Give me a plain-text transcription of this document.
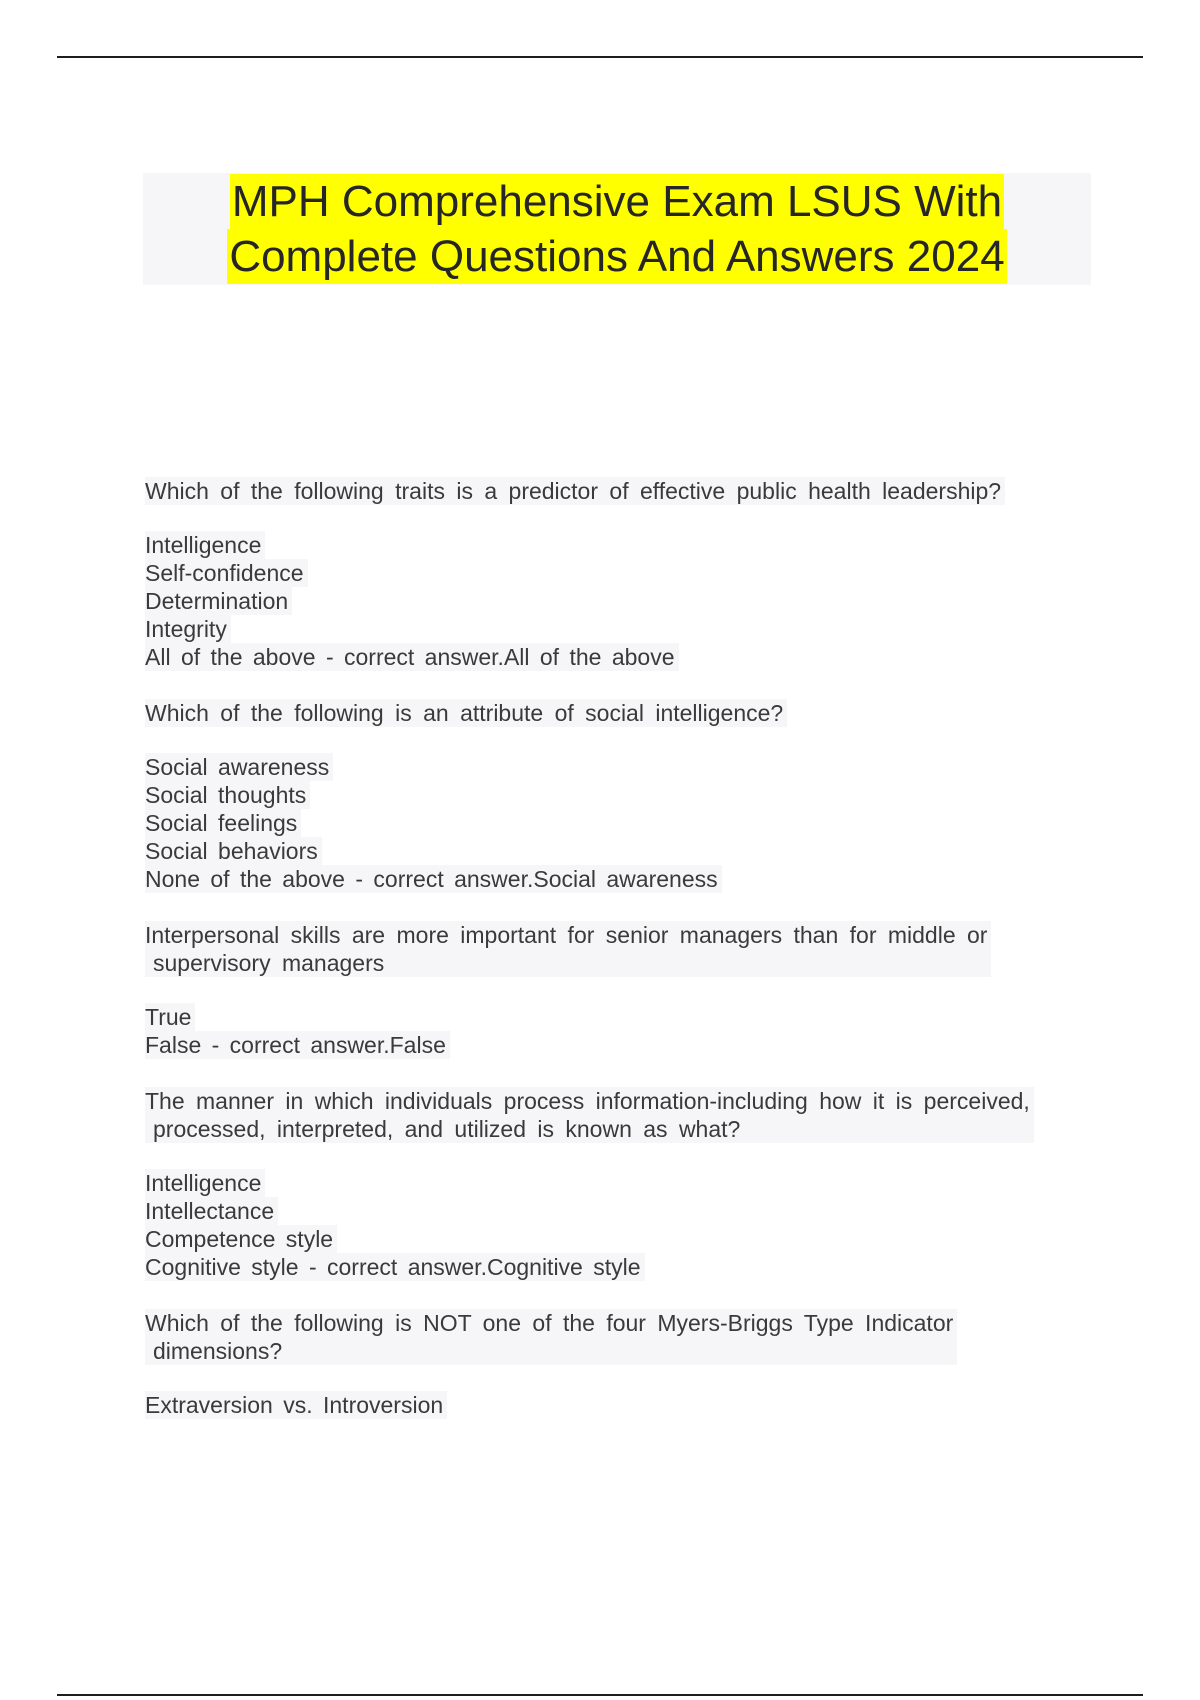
MPH Comprehensive Exam LSUS With
Complete Questions And Answers 2024
Which of the following traits is a predictor of effective public health leadership?
Intelligence
Self-confidence
Determination
Integrity
All of the above - correct answer.All of the above
Which of the following is an attribute of social intelligence?
Social awareness
Social thoughts
Social feelings
Social behaviors
None of the above - correct answer.Social awareness
Interpersonal skills are more important for senior managers than for middle or
supervisory managers
True
False - correct answer.False
The manner in which individuals process information-including how it is perceived,
processed, interpreted, and utilized is known as what?
Intelligence
Intellectance
Competence style
Cognitive style - correct answer.Cognitive style
Which of the following is NOT one of the four Myers-Briggs Type Indicator
dimensions?
Extraversion vs. Introversion
